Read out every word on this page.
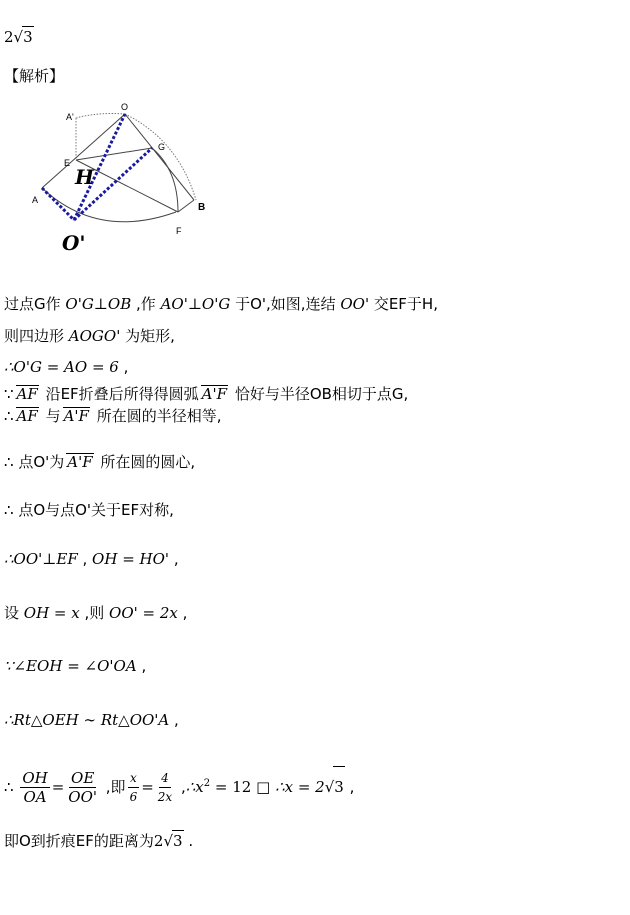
2√3
【解析】
A'
O
E
G
H
A
B
F
O'
过点G作 O'G⊥OB ,作 AO'⊥O'G 于O',如图,连结 OO' 交EF于H,
则四边形 AOGO' 为矩形,
∴O'G = AO = 6 ,
∵ AF 沿EF折叠后所得得圆弧 A'F 恰好与半径OB相切于点G,
∴ AF 与 A'F 所在圆的半径相等,
∴ 点O'为 A'F 所在圆的圆心,
∴ 点O与点O'关于EF对称,
∴OO'⊥EF , OH = HO' ,
设 OH = x ,则 OO' = 2x ,
∵∠EOH = ∠O'OA ,
∴Rt△OEH ∼ Rt△OO'A ,
∴ $\frac{OH}{OA} = \frac{OE}{OO'}$ ,即 $\frac{x}{6} = \frac{4}{2x}$ $,\therefore x^2 = 12$ □ ∴x = 2√3 ,
即O到折痕EF的距离为2√3 .
